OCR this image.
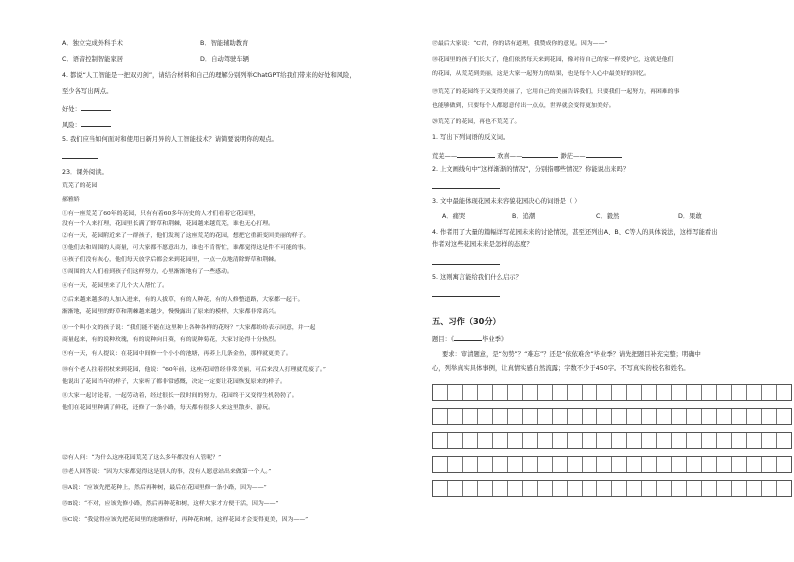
A．独立完成外科手术	B．智能辅助教育
C．语音控制智能家居	D．自动驾驶车辆
4. 都说“人工智能是一把双刃剑”，请结合材料和自己的理解分别列举ChatGPT给我们带来的好处和风险，
至少各写出两点。
好处：
风险：
5. 我们应当如何面对和使用日新月异的人工智能技术？请简要说明你的观点。
23．课外阅读。
荒芜了的花园
郝雅娇
①有一座荒芜了60年的花园，只有有着60多年历史的人才们看着它花园里，
没有一个人来打理，花园里长满了野草和荆棘，花园越来越荒芜，谁也无心打理。
②有一天，花园附近来了一群孩子，他们发现了这座荒芜的花园，想把它重新变回美丽的样子。
③他们去和周围的人商量，可大家都不愿意出力，谁也不肯帮忙，谁都觉得这是件不可能的事。
④孩子们没有灰心，他们每天放学后都会来到花园里，一点一点地清除野草和荆棘。
⑤周围的大人们看到孩子们这样努力，心里渐渐地有了一些感动。
⑥有一天，花园里来了几个大人帮忙了。
⑦后来越来越多的人加入进来，有的人拔草，有的人种花，有的人修整道路，大家都一起干。
渐渐地，花园里的野草和荆棘越来越少，慢慢露出了原来的模样，大家都非常高兴。
⑧一个叫小文的孩子说：“我们能不能在这里种上各种各样的花呀？”大家都纷纷表示同意，并一起
商量起来，有的说种玫瑰，有的说种向日葵，有的说种菊花，大家讨论得十分热烈。
⑨有一天，有人提议：在花园中间修一个小小的池塘，再养上几条金鱼，那样就更美了。
⑩有个老人拄着拐杖来到花园，他说：“60年前，这座花园曾经非常美丽，可后来没人打理就荒废了。”
他说出了花园当年的样子，大家听了都非常感慨，决定一定要让花园恢复原来的样子。
⑪大家一起讨论着，一起劳动着，经过很长一段时间的努力，花园终于又变得生机勃勃了。
他们在花园里种满了鲜花，还修了一条小路，每天都有很多人来这里散步、游玩。
⑫有人问：“为什么这座花园荒芜了这么多年都没有人管呢？”
⑬老人回答说：“因为大家都觉得这是别人的事，没有人愿意站出来做第一个人。”
⑭A说：“应该先把花种上，然后再种树，最后在花园里修一条小路，因为——”
⑮B说：“不对，应该先修小路，然后再种花和树，这样大家才方便干活，因为——”
⑯C说：“我觉得应该先把花园里的池塘修好，再种花和树，这样花园才会变得更美，因为——”
⑰最后大家说：“C君，你的话有道理，我赞成你的意见。因为——”
⑱花园里的孩子们长大了，他们依然每天来到花园，像对待自己的家一样爱护它，这就是他们
的花园，从荒芜到美丽，这是大家一起努力的结果，也是每个人心中最美好的回忆。
⑲荒芜了的花园终于又变得美丽了，它用自己的美丽告诉我们，只要我们一起努力，再困难的事
也能够做到，只要每个人都愿意付出一点点，世界就会变得更加美好。
⑳荒芜了的花园，再也不荒芜了。
1. 写出下列词语的反义词。
荒芜——	欢喜——	渺茫——
2. 上文画线句中“这样渐渐的情况”，分别指哪些情况？你能说出来吗？
3. 文中最能体现花园未来容貌花园决心的词语是（ ）
A．痛哭	B．追潮	C．毅然	D．果敢
4. 作者用了大量的篇幅详写花园未来的讨论情况，甚至还列出A、B、C等人的具体说法，这样写能看出
作者对这些花园未来是怎样的态度？
5. 这则寓言能给我们什么启示？
五、习作（30分）
题目：《	毕业季》
要求：审清题意，是“勿势”？“难忘”？还是“依依难舍”毕业季？请先把题目补充完整；明确中
心，列举真实具体事例，让真情实感自然流露；字数不少于450字。不写真实的校名和姓名。
